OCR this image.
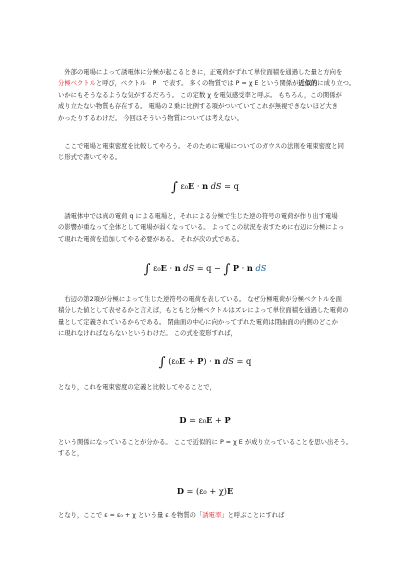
　外部の電場によって誘電体に分極が起こるときに，正電荷がずれて単位面積を通過した量と方向を
分極ベクトルと呼び，ベクトル　P　で表す。 多くの物質では P = χ E という関係が近似的に成り立つ。
いかにもそうなるような気がするだろう。 この定数 χ を電気感受率と呼ぶ。 もちろん，この関係が
成り立たない物質も存在する。 電場の２乗に比例する項がついていてこれが無視できないほど大き
かったりするわけだ。 今回はそういう物質については考えない。

　ここで電場と電束密度を比較してやろう。 そのために電場についてのガウスの法則を電束密度と同
じ形式で書いてやる。

∫ ε₀E · n dS = q

　誘電体中では真の電荷 q による電場と，それによる分極で生じた逆の符号の電荷が作り出す電場
の影響が重なって全体として電場が弱くなっている。 よってこの状況を表すために右辺に分極によっ
て現れた電荷を追加してやる必要がある。 それが次の式である。

∫ ε₀E · n dS = q − ∫ P · n dS

　右辺の第2項が分極によって生じた逆符号の電荷を表している。 なぜ分極電荷が分極ベクトルを面
積分した値として表せるかと言えば，もともと分極ベクトルはズレによって単位面積を通過した電荷の
量として定義されているからである。 閉曲面の中心に向かってずれた電荷は閉曲面の内側のどこか
に現れなければならないというわけだ。 この式を変形すれば，

∫ (ε₀E + P) · n dS = q

となり，これを電束密度の定義と比較してやることで，

D = ε₀E + P

という関係になっていることが分かる。 ここで近似的に P = χ E が成り立っていることを思い出そう。
すると，

D = (ε₀ + χ)E

となり，ここで ε = ε₀ + χ という量 ε を物質の「誘電率」と呼ぶことにすれば
